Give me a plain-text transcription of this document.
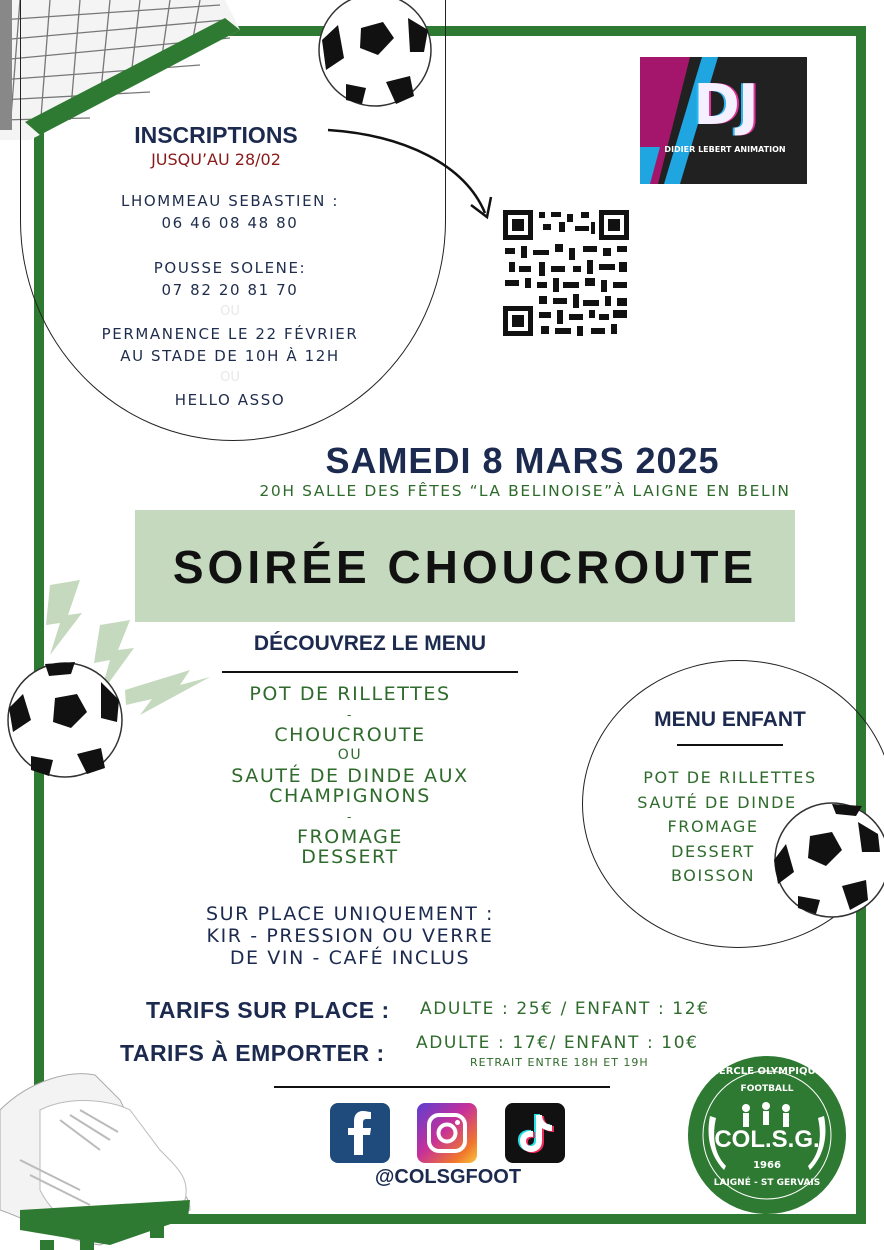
INSCRIPTIONS
JUSQU’AU 28/02
LHOMMEAU SEBASTIEN :
06 46 08 48 80
POUSSE SOLENE:
07 82 20 81 70
OU
PERMANENCE LE 22 FÉVRIER
AU STADE DE 10H À 12H
OU
HELLO ASSO
DJ
DIDIER LEBERT ANIMATION
SAMEDI 8 MARS 2025
20H SALLE DES FÊTES “LA BELINOISE”À LAIGNE EN BELIN
SOIRÉE CHOUCROUTE
DÉCOUVREZ LE MENU
POT DE RILLETTES
-
CHOUCROUTE
OU
SAUTÉ DE DINDE AUX
CHAMPIGNONS
-
FROMAGE
DESSERT
SUR PLACE UNIQUEMENT :
KIR - PRESSION OU VERRE
DE VIN - CAFÉ INCLUS
MENU ENFANT
POT DE RILLETTES
SAUTÉ DE DINDE
FROMAGE
DESSERT
BOISSON
TARIFS SUR PLACE : ADULTE : 25€ / ENFANT : 12€
TARIFS À EMPORTER : ADULTE : 17€/ ENFANT : 10€
RETRAIT ENTRE 18H ET 19H
@COLSGFOOT
CERCLE OLYMPIQUE
FOOTBALL
COL.S.G.
1966
LAIGNÉ - ST GERVAIS
